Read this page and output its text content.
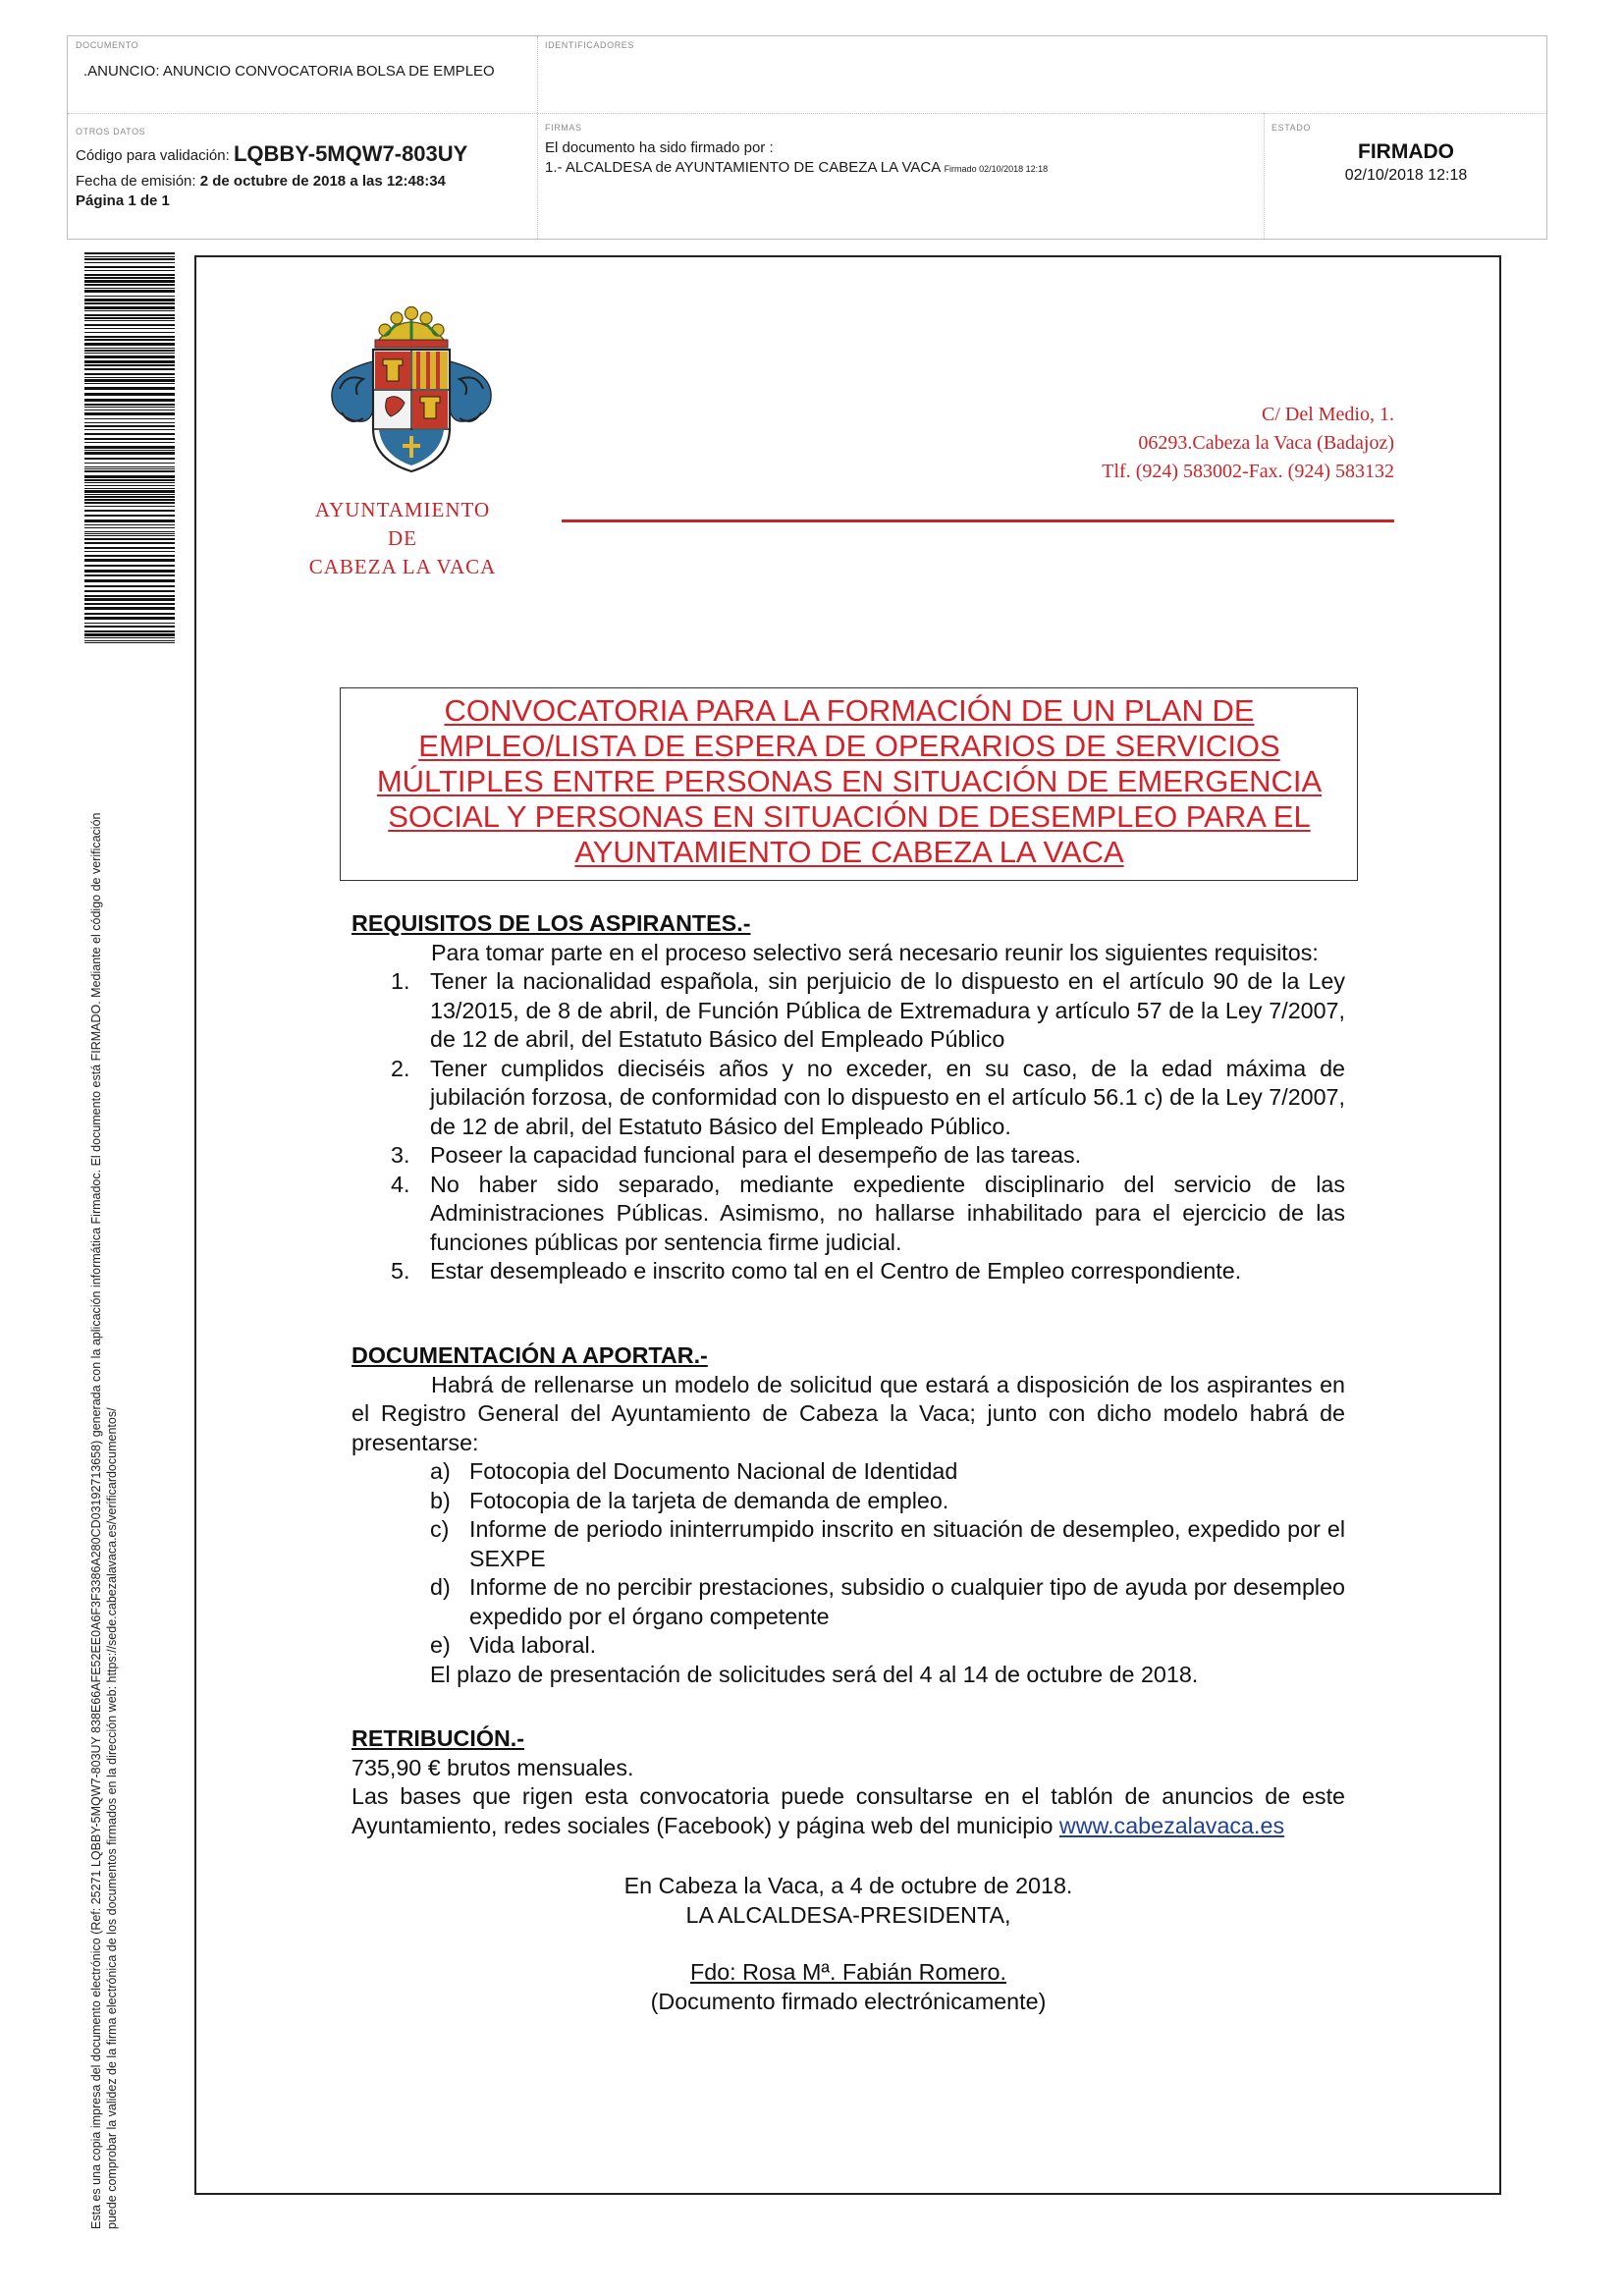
DOCUMENTO
.ANUNCIO: ANUNCIO CONVOCATORIA BOLSA DE EMPLEO
IDENTIFICADORES
OTROS DATOS
Código para validación: LQBBY-5MQW7-803UY
Fecha de emisión: 2 de octubre de 2018 a las 12:48:34
Página 1 de 1
FIRMAS
El documento ha sido firmado por :
1.- ALCALDESA de AYUNTAMIENTO DE CABEZA LA VACA Firmado 02/10/2018 12:18
ESTADO
FIRMADO
02/10/2018 12:18
Esta es una copia impresa del documento electrónico (Ref: 25271 LQBBY-5MQW7-803UY 838E66AFE52EE0A6F3F3386A280CD03192713658) generada con la aplicación informática Firmadoc. El documento está FIRMADO. Mediante el código de verificación puede comprobar la validez de la firma electrónica de los documentos firmados en la dirección web: https://sede.cabezalavaca.es/verificardocumentos/
AYUNTAMIENTO
DE
CABEZA LA VACA
C/ Del Medio, 1.
06293.Cabeza la Vaca (Badajoz)
Tlf. (924) 583002-Fax. (924) 583132
CONVOCATORIA PARA LA FORMACIÓN DE UN PLAN DE EMPLEO/LISTA DE ESPERA DE OPERARIOS DE SERVICIOS MÚLTIPLES ENTRE PERSONAS EN SITUACIÓN DE EMERGENCIA SOCIAL Y PERSONAS EN SITUACIÓN DE DESEMPLEO PARA EL AYUNTAMIENTO DE CABEZA LA VACA
REQUISITOS DE LOS ASPIRANTES.-
Para tomar parte en el proceso selectivo será necesario reunir los siguientes requisitos:
1. Tener la nacionalidad española, sin perjuicio de lo dispuesto en el artículo 90 de la Ley 13/2015, de 8 de abril, de Función Pública de Extremadura y artículo 57 de la Ley 7/2007, de 12 de abril, del Estatuto Básico del Empleado Público
2. Tener cumplidos dieciséis años y no exceder, en su caso, de la edad máxima de jubilación forzosa, de conformidad con lo dispuesto en el artículo 56.1 c) de la Ley 7/2007, de 12 de abril, del Estatuto Básico del Empleado Público.
3. Poseer la capacidad funcional para el desempeño de las tareas.
4. No haber sido separado, mediante expediente disciplinario del servicio de las Administraciones Públicas. Asimismo, no hallarse inhabilitado para el ejercicio de las funciones públicas por sentencia firme judicial.
5. Estar desempleado e inscrito como tal en el Centro de Empleo correspondiente.
DOCUMENTACIÓN A APORTAR.-
Habrá de rellenarse un modelo de solicitud que estará a disposición de los aspirantes en el Registro General del Ayuntamiento de Cabeza la Vaca; junto con dicho modelo habrá de presentarse:
a) Fotocopia del Documento Nacional de Identidad
b) Fotocopia de la tarjeta de demanda de empleo.
c) Informe de periodo ininterrumpido inscrito en situación de desempleo, expedido por el SEXPE
d) Informe de no percibir prestaciones, subsidio o cualquier tipo de ayuda por desempleo expedido por el órgano competente
e) Vida laboral.
El plazo de presentación de solicitudes será del 4 al 14 de octubre de 2018.
RETRIBUCIÓN.-
735,90 € brutos mensuales.
Las bases que rigen esta convocatoria puede consultarse en el tablón de anuncios de este Ayuntamiento, redes sociales (Facebook) y página web del municipio www.cabezalavaca.es
En Cabeza la Vaca, a 4 de octubre de 2018.
LA ALCALDESA-PRESIDENTA,
Fdo: Rosa Mª. Fabián Romero.
(Documento firmado electrónicamente)
